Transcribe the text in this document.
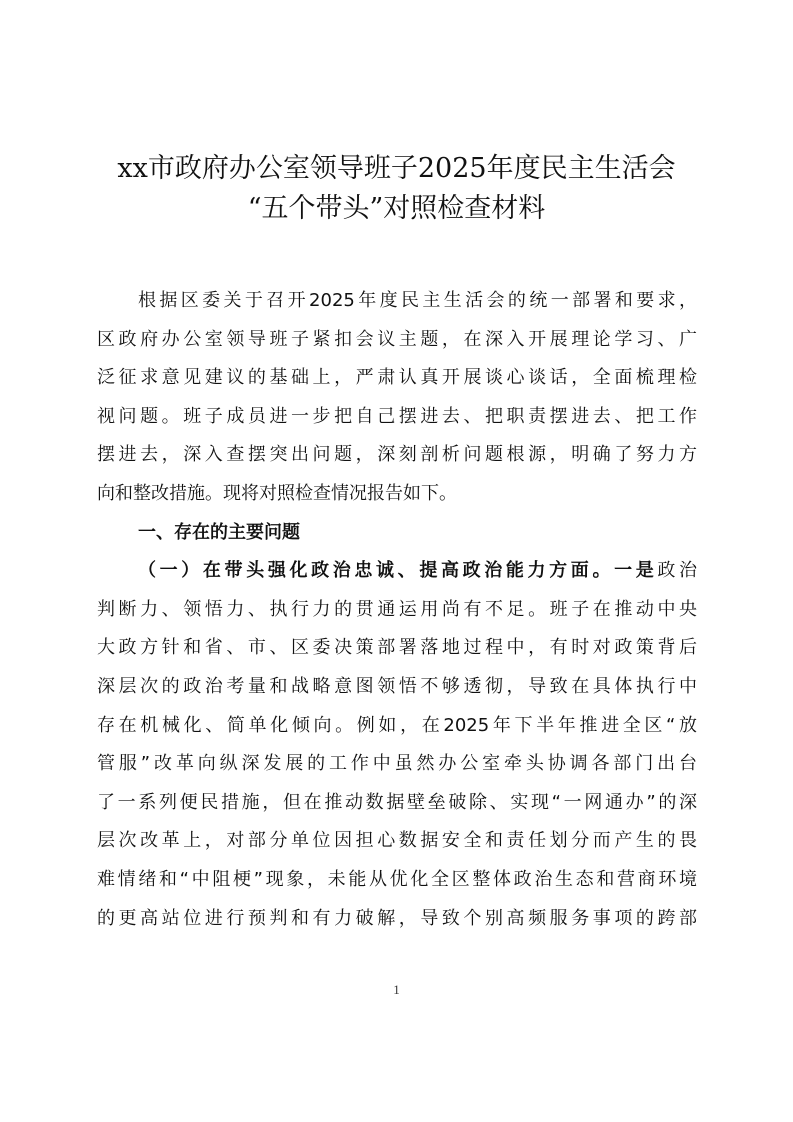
xx市政府办公室领导班子2025年度民主生活会
“五个带头”对照检查材料
根据区委关于召开2025年度民主生活会的统一部署和要求，
区政府办公室领导班子紧扣会议主题，在深入开展理论学习、广
泛征求意见建议的基础上，严肃认真开展谈心谈话，全面梳理检
视问题。班子成员进一步把自己摆进去、把职责摆进去、把工作
摆进去，深入查摆突出问题，深刻剖析问题根源，明确了努力方
向和整改措施。现将对照检查情况报告如下。
一、存在的主要问题
（一）在带头强化政治忠诚、提高政治能力方面。一是政治
判断力、领悟力、执行力的贯通运用尚有不足。班子在推动中央
大政方针和省、市、区委决策部署落地过程中，有时对政策背后
深层次的政治考量和战略意图领悟不够透彻，导致在具体执行中
存在机械化、简单化倾向。例如，在2025年下半年推进全区“放
管服”改革向纵深发展的工作中虽然办公室牵头协调各部门出台
了一系列便民措施，但在推动数据壁垒破除、实现“一网通办”的深
层次改革上，对部分单位因担心数据安全和责任划分而产生的畏
难情绪和“中阻梗”现象，未能从优化全区整体政治生态和营商环境
的更高站位进行预判和有力破解，导致个别高频服务事项的跨部
1
